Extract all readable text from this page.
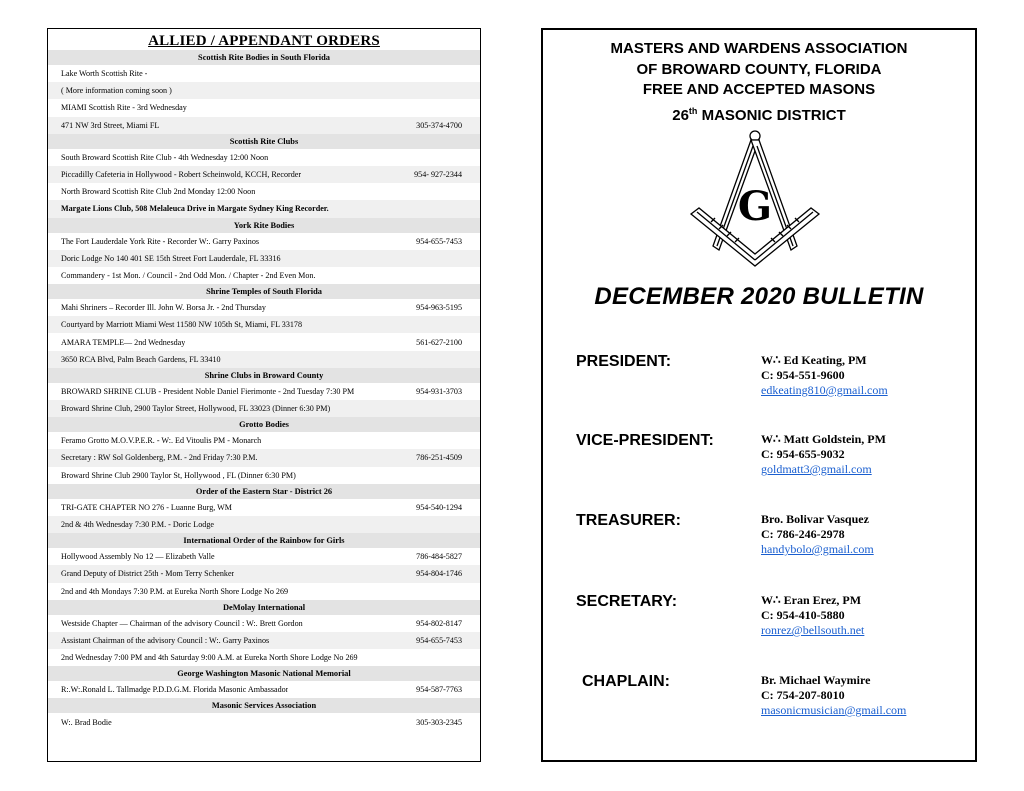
ALLIED / APPENDANT ORDERS
Scottish Rite Bodies in South Florida
Lake Worth Scottish Rite -
( More information coming soon )
MIAMI Scottish Rite - 3rd Wednesday
471 NW 3rd Street, Miami FL	305-374-4700
Scottish Rite Clubs
South Broward Scottish Rite Club - 4th Wednesday 12:00 Noon
Piccadilly Cafeteria in Hollywood - Robert Scheinwold, KCCH, Recorder	954- 927-2344
North Broward Scottish Rite Club 2nd Monday 12:00 Noon
Margate Lions Club, 508 Melaleuca Drive in Margate Sydney King Recorder.
York Rite Bodies
The Fort Lauderdale York Rite - Recorder W:. Garry Paxinos	954-655-7453
Doric Lodge No 140 401 SE 15th Street Fort Lauderdale, FL 33316
Commandery - 1st Mon. / Council - 2nd Odd Mon. / Chapter - 2nd Even Mon.
Shrine Temples of South Florida
Mahi Shriners – Recorder Ill. John W. Borsa Jr. - 2nd Thursday	954-963-5195
Courtyard by Marriott Miami West 11580 NW 105th St, Miami, FL 33178
AMARA TEMPLE— 2nd Wednesday	561-627-2100
3650 RCA Blvd, Palm Beach Gardens, FL 33410
Shrine Clubs in Broward County
BROWARD SHRINE CLUB - President Noble Daniel Fierimonte - 2nd Tuesday 7:30 PM	954-931-3703
Broward Shrine Club, 2900 Taylor Street, Hollywood, FL 33023 (Dinner 6:30 PM)
Grotto Bodies
Feramo Grotto M.O.V.P.E.R. - W:. Ed Vitoulis PM - Monarch
Secretary : RW Sol Goldenberg, P.M. - 2nd Friday 7:30 P.M.	786-251-4509
Broward Shrine Club 2900 Taylor St, Hollywood , FL (Dinner 6:30 PM)
Order of the Eastern Star - District 26
TRI-GATE CHAPTER NO 276 - Luanne Burg, WM	954-540-1294
2nd & 4th Wednesday 7:30 P.M. - Doric Lodge
International Order of the Rainbow for Girls
Hollywood Assembly No 12 — Elizabeth Valle	786-484-5827
Grand Deputy of District 25th - Mom Terry Schenker	954-804-1746
2nd and 4th Mondays 7:30 P.M. at Eureka North Shore Lodge No 269
DeMolay International
Westside Chapter — Chairman of the advisory Council : W:. Brett Gordon	954-802-8147
Assistant Chairman of the advisory Council : W:. Garry Paxinos	954-655-7453
2nd Wednesday 7:00 PM and 4th Saturday 9:00 A.M. at Eureka North Shore Lodge No 269
George Washington Masonic National Memorial
R:.W:.Ronald L. Tallmadge P.D.D.G.M. Florida Masonic Ambassador	954-587-7763
Masonic Services Association
W:. Brad Bodie	305-303-2345
MASTERS AND WARDENS ASSOCIATION
OF BROWARD COUNTY, FLORIDA
FREE AND ACCEPTED MASONS
26th MASONIC DISTRICT
G
DECEMBER 2020 BULLETIN
PRESIDENT:	W∴ Ed Keating, PM
C: 954-551-9600
edkeating810@gmail.com
VICE-PRESIDENT:	W∴ Matt Goldstein, PM
C: 954-655-9032
goldmatt3@gmail.com
TREASURER:	Bro. Bolivar Vasquez
C: 786-246-2978
handybolo@gmail.com
SECRETARY:	W∴ Eran Erez, PM
C: 954-410-5880
ronrez@bellsouth.net
CHAPLAIN:	Br. Michael Waymire
C: 754-207-8010
masonicmusician@gmail.com
